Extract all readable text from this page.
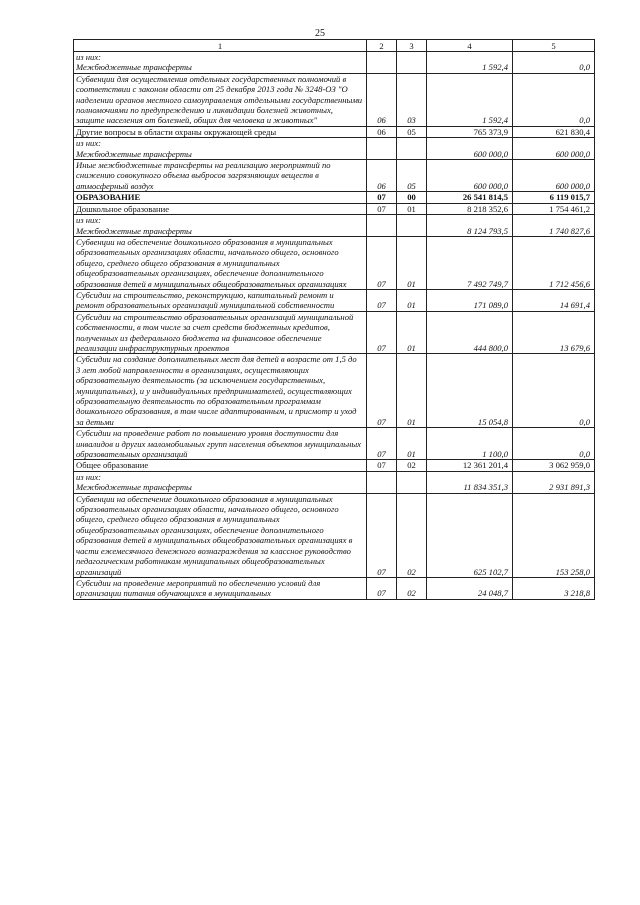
25
1	2	3	4	5
из них:
Межбюджетные трансферты			1 592,4	0,0
Субвенции для осуществления отдельных государственных полномочий в соответствии с законом области от 25 декабря 2013 года № 3248-ОЗ "О наделении органов местного самоуправления отдельными государственными полномочиями по предупреждению и ликвидации болезней животных, защите населения от болезней, общих для человека и животных"	06	03	1 592,4	0,0
Другие вопросы в области охраны окружающей среды	06	05	765 373,9	621 830,4
из них:
Межбюджетные трансферты			600 000,0	600 000,0
Иные межбюджетные трансферты на реализацию мероприятий по снижению совокупного объема выбросов загрязняющих веществ в атмосферный воздух	06	05	600 000,0	600 000,0
ОБРАЗОВАНИЕ	07	00	26 541 814,5	6 119 015,7
Дошкольное образование	07	01	8 218 352,6	1 754 461,2
из них:
Межбюджетные трансферты			8 124 793,5	1 740 827,6
Субвенции на обеспечение дошкольного образования в муниципальных образовательных организациях области, начального общего, основного общего, среднего общего образования в муниципальных общеобразовательных организациях, обеспечение дополнительного образования детей в муниципальных общеобразовательных организациях	07	01	7 492 749,7	1 712 456,6
Субсидии на строительство, реконструкцию, капитальный ремонт и ремонт образовательных организаций муниципальной собственности	07	01	171 089,0	14 691,4
Субсидии на строительство образовательных организаций муниципальной собственности, в том числе за счет средств бюджетных кредитов, полученных из федерального бюджета на финансовое обеспечение реализации инфраструктурных проектов	07	01	444 800,0	13 679,6
Субсидии на создание дополнительных мест для детей в возрасте от 1,5 до 3 лет любой направленности в организациях, осуществляющих образовательную деятельность (за исключением государственных, муниципальных), и у индивидуальных предпринимателей, осуществляющих образовательную деятельность по образовательным программам дошкольного образования, в том числе адаптированным, и присмотр и уход за детьми	07	01	15 054,8	0,0
Субсидии на проведение работ по повышению уровня доступности для инвалидов и других маломобильных групп населения объектов муниципальных образовательных организаций	07	01	1 100,0	0,0
Общее образование	07	02	12 361 201,4	3 062 959,0
из них:
Межбюджетные трансферты			11 834 351,3	2 931 891,3
Субвенции на обеспечение дошкольного образования в муниципальных образовательных организациях области, начального общего, основного общего, среднего общего образования в муниципальных общеобразовательных организациях, обеспечение дополнительного образования детей в муниципальных общеобразовательных организациях в части ежемесячного денежного вознаграждения за классное руководство педагогическим работникам муниципальных общеобразовательных организаций	07	02	625 102,7	153 258,0
Субсидии на проведение мероприятий по обеспечению условий для организации питания обучающихся в муниципальных	07	02	24 048,7	3 218,8
